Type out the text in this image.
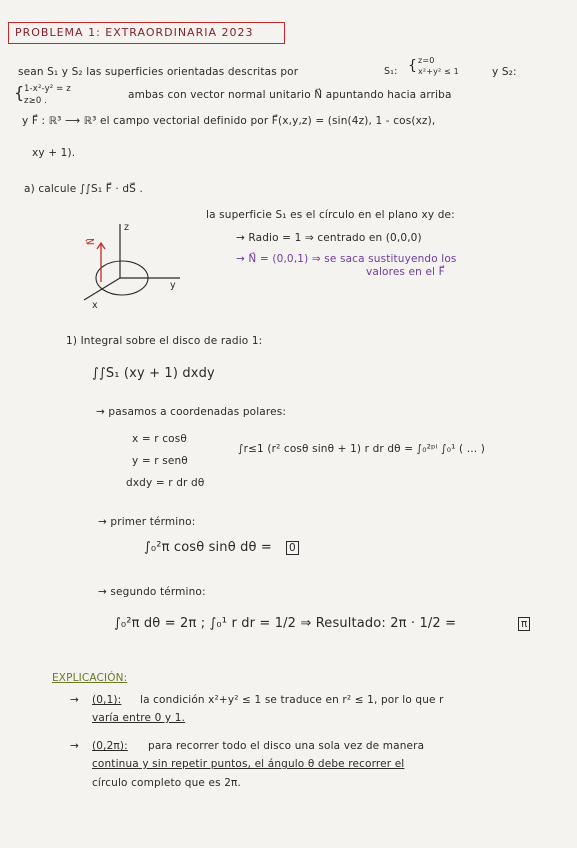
PROBLEMA 1: EXTRAORDINARIA 2023
sean S₁ y S₂ las superficies orientadas descritas por	S₁: { z=0
x²+y² ≤ 1	y S₂:
{ 1-x²-y² = z
z≥0 .	ambas con vector normal unitario N⃗ apuntando hacia arriba
y F⃗ : ℝ³ ⟶ ℝ³ el campo vectorial definido por F⃗(x,y,z) = (sin(4z), 1 - cos(xz),
xy + 1).
a) calcule ∫∫S₁ F⃗ · dS⃗ .
z
y
x
N⃗
la superficie S₁ es el círculo en el plano xy de:
→ Radio = 1 ⇒ centrado en (0,0,0)
→ N⃗ = (0,0,1) ⇒ se saca sustituyendo los
valores en el F⃗
1) Integral sobre el disco de radio 1:
∫∫S₁ (xy + 1) dxdy
→ pasamos a coordenadas polares:
x = r cosθ
y = r senθ
dxdy = r dr dθ
∫r≤1 (r² cosθ sinθ + 1) r dr dθ = ∫₀²ᵖⁱ ∫₀¹ ( ... )
→ primer término:
∫₀²π cosθ sinθ dθ = 0
→ segundo término:
∫₀²π dθ = 2π ; ∫₀¹ r dr = 1/2 ⇒ Resultado: 2π · 1/2 =	π
EXPLICACIÓN:
→ (0,1): la condición x²+y² ≤ 1 se traduce en r² ≤ 1, por lo que r
varía entre 0 y 1.
→ (0,2π): para recorrer todo el disco una sola vez de manera
continua y sin repetir puntos, el ángulo θ debe recorrer el
círculo completo que es 2π.
